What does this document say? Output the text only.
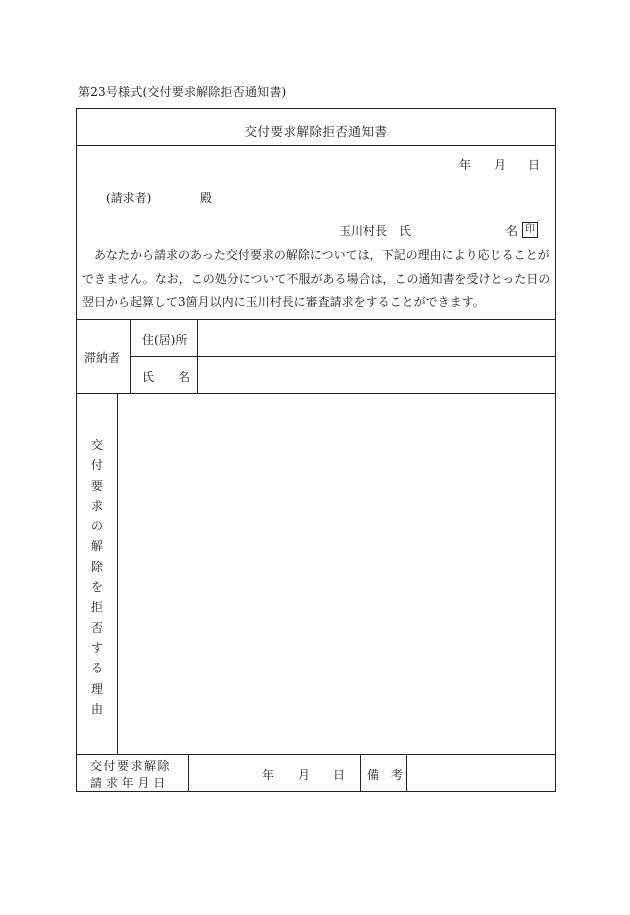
第23号様式(交付要求解除拒否通知書)
交付要求解除拒否通知書
年 月 日
(請求者)	殿
玉川村長　氏	名 印

　あなたから請求のあった交付要求の解除については，下記の理由により応じることが

できません。なお，この処分について不服がある場合は，この通知書を受けとった日の

翌日から起算して3箇月以内に玉川村長に審査請求をすることができます。

滞納者
住(居)所
氏　　名
交
付
要
求
の
解
除
を
拒
否
す
る
理
由
交付要求解除
請 求 年 月 日
年 月 日 備　考
